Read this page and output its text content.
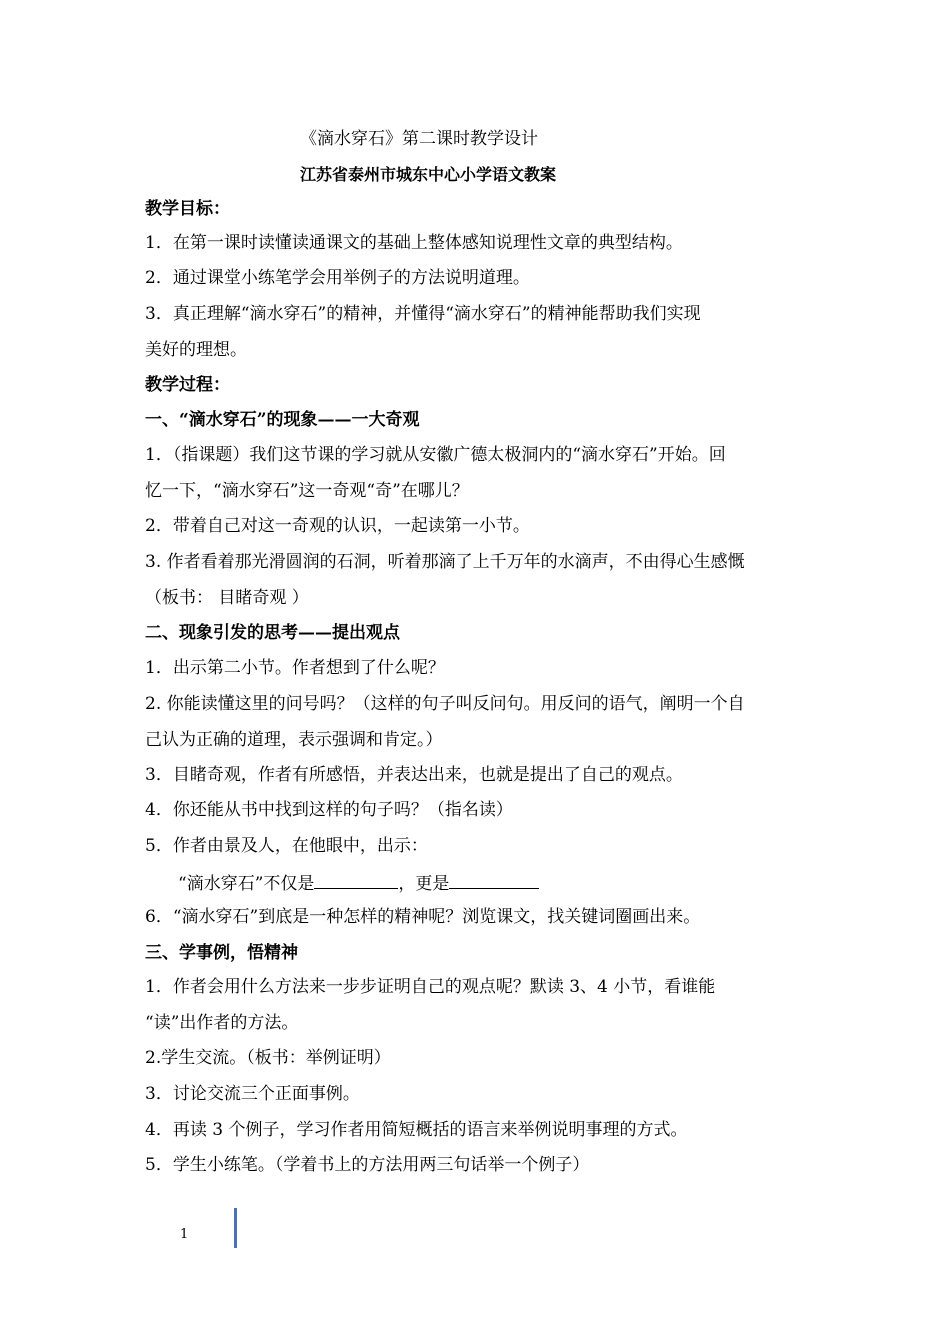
《滴水穿石》第二课时教学设计
江苏省泰州市城东中心小学语文教案
教学目标：
1．在第一课时读懂读通课文的基础上整体感知说理性文章的典型结构。
2．通过课堂小练笔学会用举例子的方法说明道理。
3．真正理解“滴水穿石”的精神，并懂得“滴水穿石”的精神能帮助我们实现
美好的理想。
教学过程：
一、“滴水穿石”的现象——一大奇观
1．（指课题）我们这节课的学习就从安徽广德太极洞内的“滴水穿石”开始。回
忆一下，“滴水穿石”这一奇观“奇”在哪儿？
2．带着自己对这一奇观的认识，一起读第一小节。
3. 作者看着那光滑圆润的石洞，听着那滴了上千万年的水滴声，不由得心生感慨
（板书： 目睹奇观 ）
二、现象引发的思考——提出观点
1．出示第二小节。作者想到了什么呢？
2. 你能读懂这里的问号吗？（这样的句子叫反问句。用反问的语气，阐明一个自
己认为正确的道理，表示强调和肯定。）
3．目睹奇观，作者有所感悟，并表达出来，也就是提出了自己的观点。
4．你还能从书中找到这样的句子吗？（指名读）
5．作者由景及人，在他眼中，出示：
“滴水穿石”不仅是	，更是
6．“滴水穿石”到底是一种怎样的精神呢？浏览课文，找关键词圈画出来。
三、学事例，悟精神
1．作者会用什么方法来一步步证明自己的观点呢？默读 3、4 小节，看谁能
“读”出作者的方法。
2.学生交流。（板书：举例证明）
3．讨论交流三个正面事例。
4．再读 3 个例子，学习作者用简短概括的语言来举例说明事理的方式。
5．学生小练笔。（学着书上的方法用两三句话举一个例子）
1
